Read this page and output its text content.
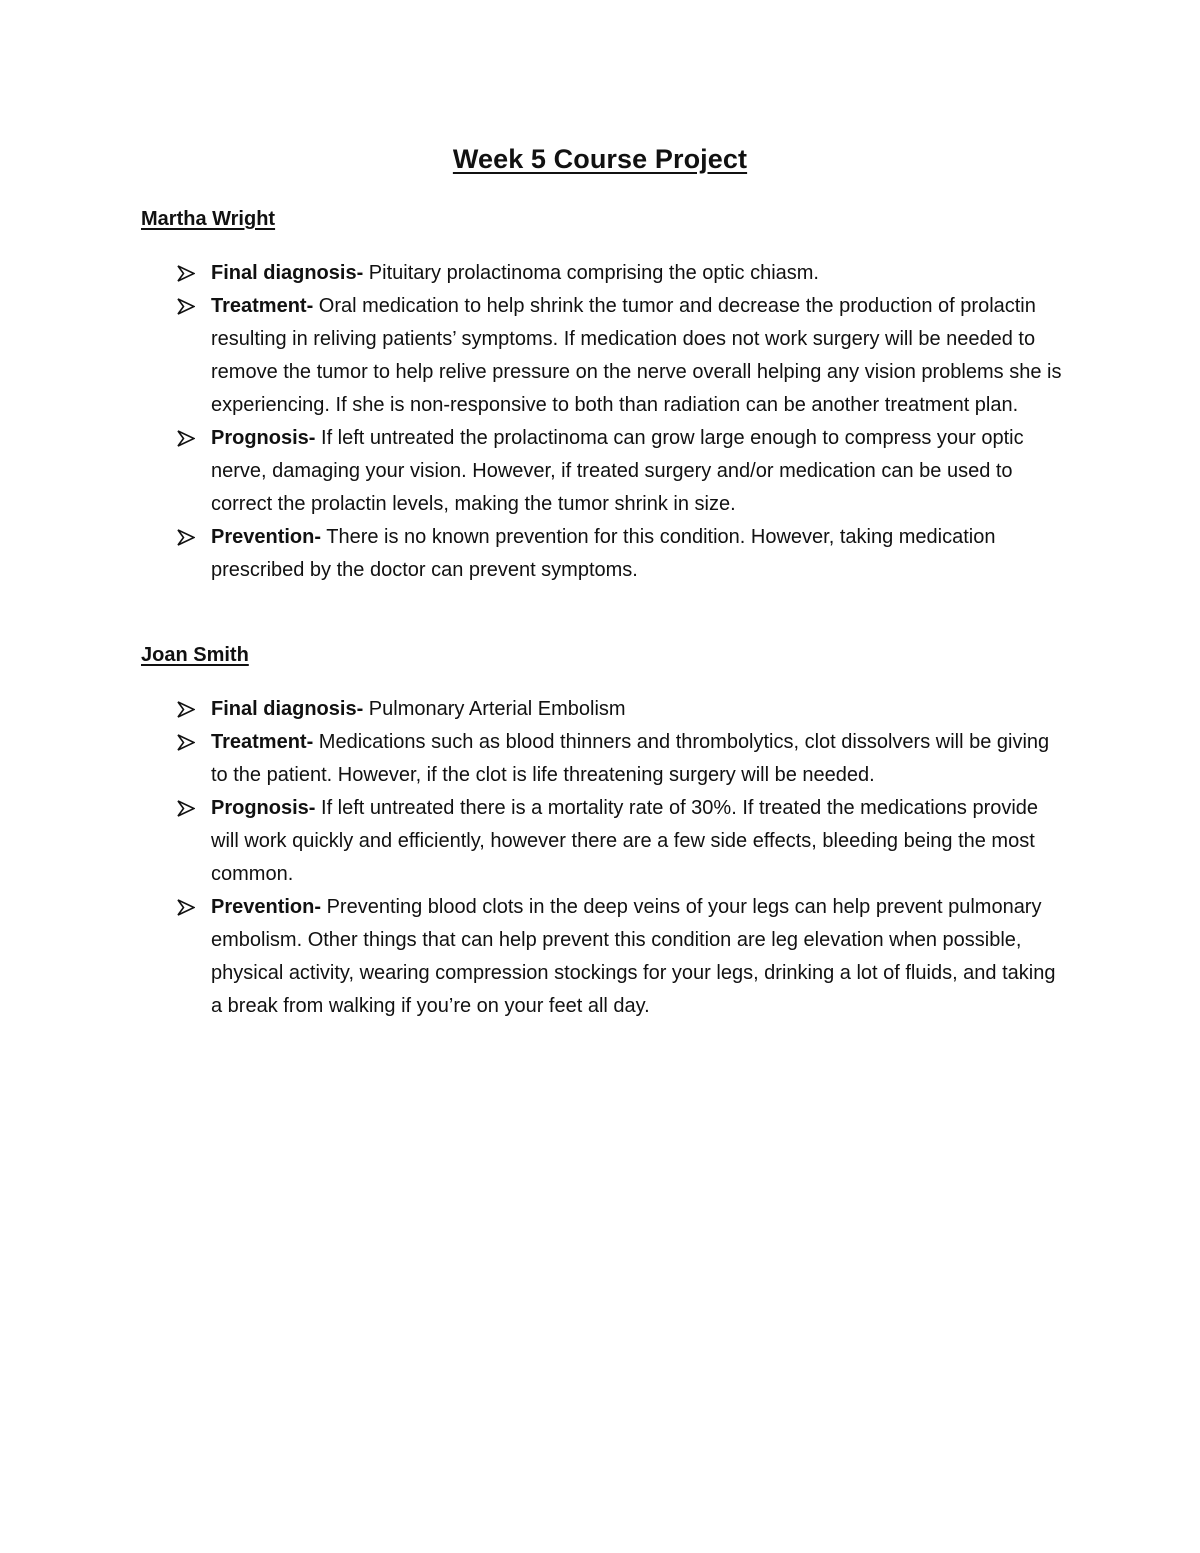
Week 5 Course Project
Martha Wright
Final diagnosis- Pituitary prolactinoma comprising the optic chiasm.
Treatment- Oral medication to help shrink the tumor and decrease the production of prolactin resulting in reliving patients’ symptoms. If medication does not work surgery will be needed to remove the tumor to help relive pressure on the nerve overall helping any vision problems she is experiencing. If she is non-responsive to both than radiation can be another treatment plan.
Prognosis- If left untreated the prolactinoma can grow large enough to compress your optic nerve, damaging your vision. However, if treated surgery and/or medication can be used to correct the prolactin levels, making the tumor shrink in size.
Prevention- There is no known prevention for this condition. However, taking medication prescribed by the doctor can prevent symptoms.
Joan Smith
Final diagnosis- Pulmonary Arterial Embolism
Treatment- Medications such as blood thinners and thrombolytics, clot dissolvers will be giving to the patient. However, if the clot is life threatening surgery will be needed.
Prognosis- If left untreated there is a mortality rate of 30%. If treated the medications provide will work quickly and efficiently, however there are a few side effects, bleeding being the most common.
Prevention- Preventing blood clots in the deep veins of your legs can help prevent pulmonary embolism. Other things that can help prevent this condition are leg elevation when possible, physical activity, wearing compression stockings for your legs, drinking a lot of fluids, and taking a break from walking if you’re on your feet all day.
